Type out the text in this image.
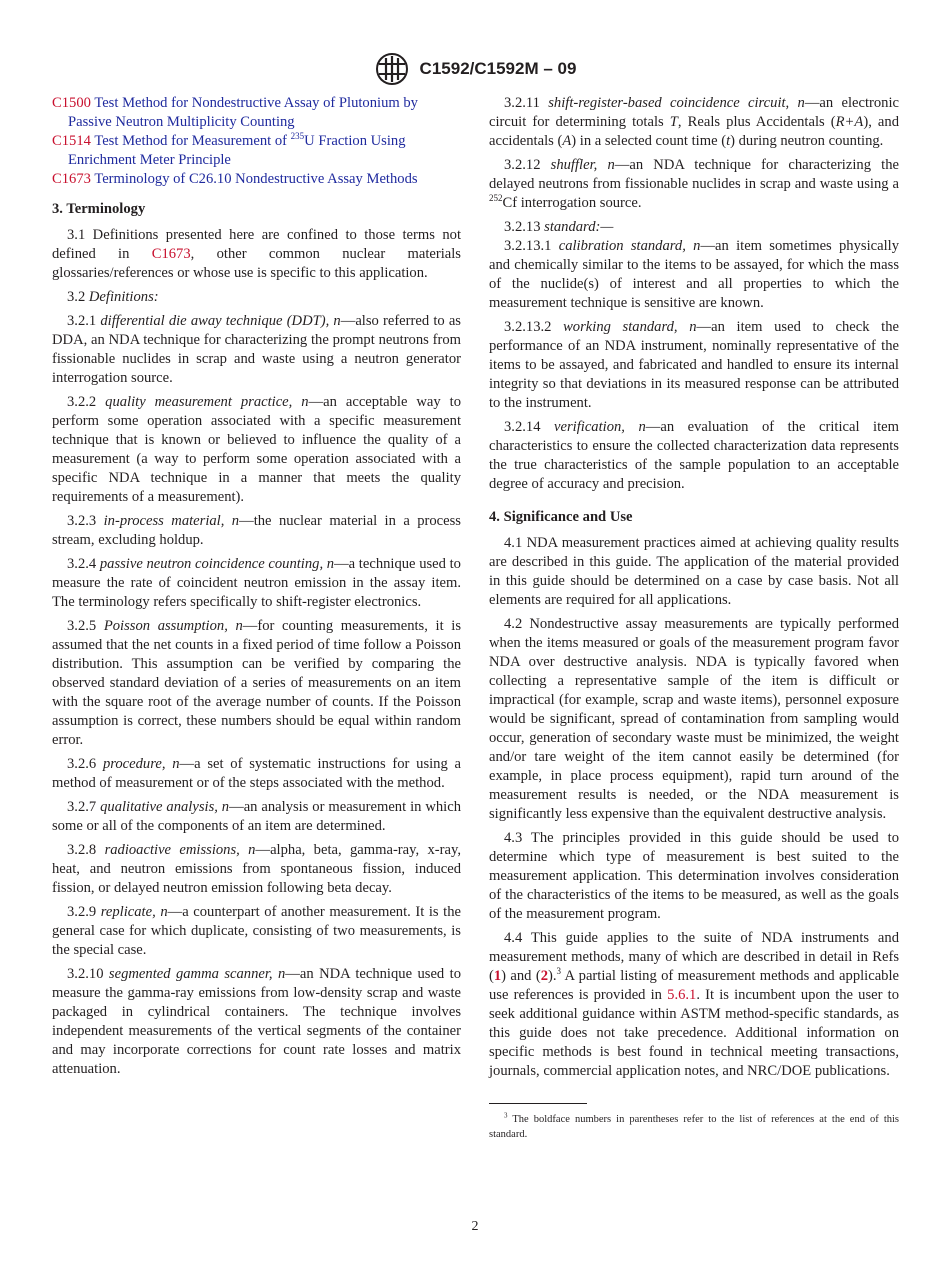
C1592/C1592M – 09

C1500 Test Method for Nondestructive Assay of Plutonium by Passive Neutron Multiplicity Counting

C1514 Test Method for Measurement of $^{235}$U Fraction Using Enrichment Meter Principle

C1673 Terminology of C26.10 Nondestructive Assay Methods

3. Terminology

3.1 Definitions presented here are confined to those terms not defined in C1673, other common nuclear materials glossaries/references or whose use is specific to this application.

3.2 Definitions:

3.2.1 differential die away technique (DDT), n—also referred to as DDA, an NDA technique for characterizing the prompt neutrons from fissionable nuclides in scrap and waste using a neutron generator interrogation source.

3.2.2 quality measurement practice, n—an acceptable way to perform some operation associated with a specific measurement technique that is known or believed to influence the quality of a measurement (a way to perform some operation associated with a specific NDA technique in a manner that meets the quality requirements of a measurement).

3.2.3 in-process material, n—the nuclear material in a process stream, excluding holdup.

3.2.4 passive neutron coincidence counting, n—a technique used to measure the rate of coincident neutron emission in the assay item. The terminology refers specifically to shift-register electronics.

3.2.5 Poisson assumption, n—for counting measurements, it is assumed that the net counts in a fixed period of time follow a Poisson distribution. This assumption can be verified by comparing the observed standard deviation of a series of measurements on an item with the square root of the average number of counts. If the Poisson assumption is correct, these numbers should be equal within random error.

3.2.6 procedure, n—a set of systematic instructions for using a method of measurement or of the steps associated with the method.

3.2.7 qualitative analysis, n—an analysis or measurement in which some or all of the components of an item are determined.

3.2.8 radioactive emissions, n—alpha, beta, gamma-ray, x-ray, heat, and neutron emissions from spontaneous fission, induced fission, or delayed neutron emission following beta decay.

3.2.9 replicate, n—a counterpart of another measurement. It is the general case for which duplicate, consisting of two measurements, is the special case.

3.2.10 segmented gamma scanner, n—an NDA technique used to measure the gamma-ray emissions from low-density scrap and waste packaged in cylindrical containers. The technique involves independent measurements of the vertical segments of the container and may incorporate corrections for count rate losses and matrix attenuation.

3.2.11 shift-register-based coincidence circuit, n—an electronic circuit for determining totals T, Reals plus Accidentals (R+A), and accidentals (A) in a selected count time (t) during neutron counting.

3.2.12 shuffler, n—an NDA technique for characterizing the delayed neutrons from fissionable nuclides in scrap and waste using a $^{252}$Cf interrogation source.

3.2.13 standard:—

3.2.13.1 calibration standard, n—an item sometimes physically and chemically similar to the items to be assayed, for which the mass of the nuclide(s) of interest and all properties to which the measurement technique is sensitive are known.

3.2.13.2 working standard, n—an item used to check the performance of an NDA instrument, nominally representative of the items to be assayed, and fabricated and handled to ensure its internal integrity so that deviations in its measured response can be attributed to the instrument.

3.2.14 verification, n—an evaluation of the critical item characteristics to ensure the collected characterization data represents the true characteristics of the sample population to an acceptable degree of accuracy and precision.

4. Significance and Use

4.1 NDA measurement practices aimed at achieving quality results are described in this guide. The application of the material provided in this guide should be determined on a case by case basis. Not all elements are required for all applications.

4.2 Nondestructive assay measurements are typically performed when the items measured or goals of the measurement program favor NDA over destructive analysis. NDA is typically favored when collecting a representative sample of the item is difficult or impractical (for example, scrap and waste items), personnel exposure would be significant, spread of contamination from sampling would occur, generation of secondary waste must be minimized, the weight and/or tare weight of the item cannot easily be determined (for example, in place process equipment), rapid turn around of the measurement results is needed, or the NDA measurement is significantly less expensive than the equivalent destructive analysis.

4.3 The principles provided in this guide should be used to determine which type of measurement is best suited to the measurement application. This determination involves consideration of the characteristics of the items to be measured, as well as the goals of the measurement program.

4.4 This guide applies to the suite of NDA instruments and measurement methods, many of which are described in detail in Refs (1) and (2).$^3$ A partial listing of measurement methods and applicable use references is provided in 5.6.1. It is incumbent upon the user to seek additional guidance within ASTM method-specific standards, as this guide does not take precedence. Additional information on specific methods is best found in technical meeting transactions, journals, commercial application notes, and NRC/DOE publications.

$^3$ The boldface numbers in parentheses refer to the list of references at the end of this standard.

2
